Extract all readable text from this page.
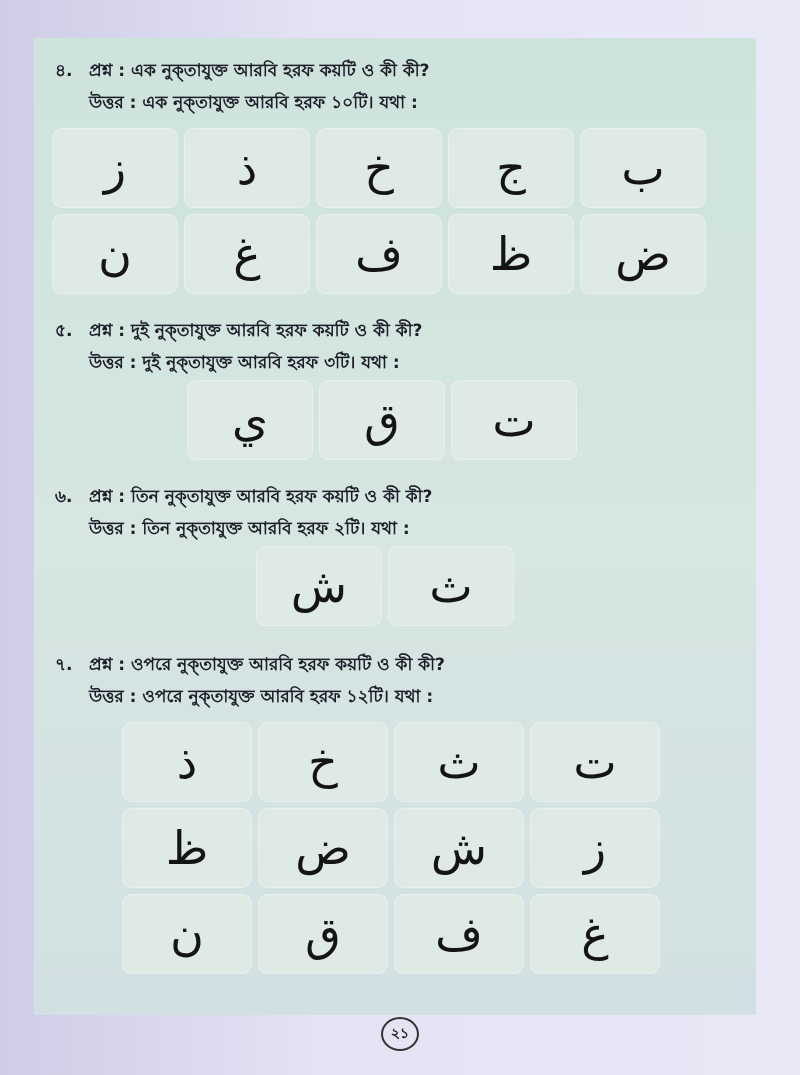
৪. প্রশ্ন : এক নুক্‌তাযুক্ত আরবি হরফ কয়টি ও কী কী?
উত্তর : এক নুক্‌তাযুক্ত আরবি হরফ ১০টি। যথা :
ز	ذ	خ	ج	ب
ن	غ	ف	ظ	ض
৫. প্রশ্ন : দুই নুক্‌তাযুক্ত আরবি হরফ কয়টি ও কী কী?
উত্তর : দুই নুক্‌তাযুক্ত আরবি হরফ ৩টি। যথা :
ي	ق	ت
৬. প্রশ্ন : তিন নুক্‌তাযুক্ত আরবি হরফ কয়টি ও কী কী?
উত্তর : তিন নুক্‌তাযুক্ত আরবি হরফ ২টি। যথা :
ش	ث
৭. প্রশ্ন : ওপরে নুক্‌তাযুক্ত আরবি হরফ কয়টি ও কী কী?
উত্তর : ওপরে নুক্‌তাযুক্ত আরবি হরফ ১২টি। যথা :
ذ	خ	ث	ت
ظ	ض	ش	ز
ن	ق	ف	غ
২১
